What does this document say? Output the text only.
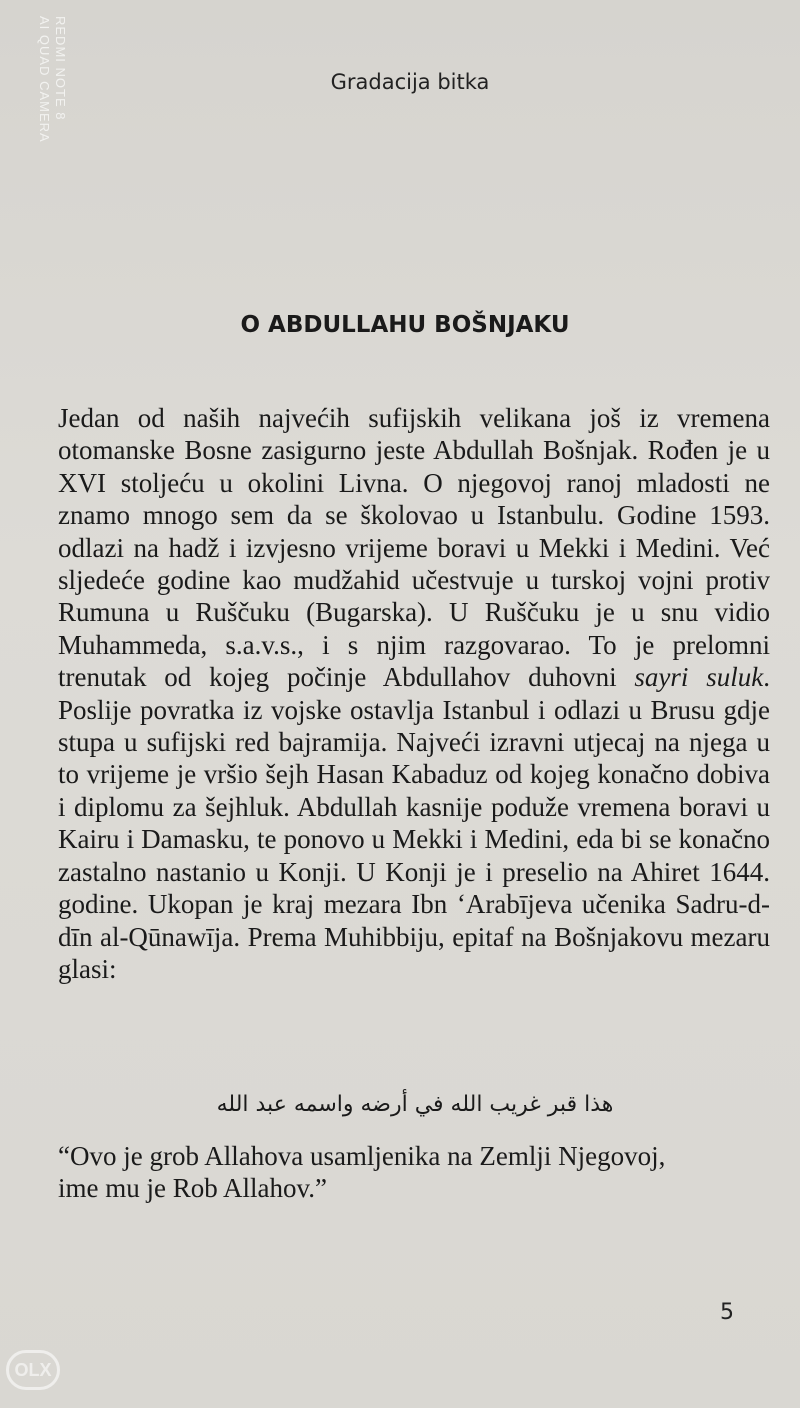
REDMI NOTE 8
AI QUAD CAMERA	Gradacija bitka
O ABDULLAHU BOŠNJAKU

Jedan od naših najvećih sufijskih velikana još iz vremena otomanske Bosne zasigurno jeste Abdullah Bošnjak. Rođen je u XVI stoljeću u okolini Livna. O njegovoj ranoj mladosti ne znamo mnogo sem da se školovao u Istanbulu. Godine 1593. odlazi na hadž i izvjesno vrijeme boravi u Mekki i Medini. Već sljedeće godine kao mudžahid učestvuje u turskoj vojni protiv Rumuna u Ruščuku (Bugarska). U Ruščuku je u snu vidio Muhammeda, s.a.v.s., i s njim razgovarao. To je prelomni trenutak od kojeg počinje Abdullahov duhovni sayri suluk. Poslije povratka iz vojske ostavlja Istanbul i odlazi u Brusu gdje stupa u sufijski red bajramija. Najveći izravni utjecaj na njega u to vrijeme je vršio šejh Hasan Kabaduz od kojeg konačno dobiva i diplomu za šejhluk. Abdullah kasnije poduže vremena boravi u Kairu i Damasku, te ponovo u Mekki i Medini, eda bi se konačno zastalno nastanio u Konji. U Konji je i preselio na Ahiret 1644. godine. Ukopan je kraj mezara Ibn ‘Arabījeva učenika Sadru-d-dīn al-Qūnawīja. Prema Muhibbiju, epitaf na Bošnjakovu mezaru glasi:

هذا قبر غريب الله في أرضه واسمه عبد الله
“Ovo je grob Allahova usamljenika na Zemlji Njegovoj,
ime mu je Rob Allahov.”
5
OLX
